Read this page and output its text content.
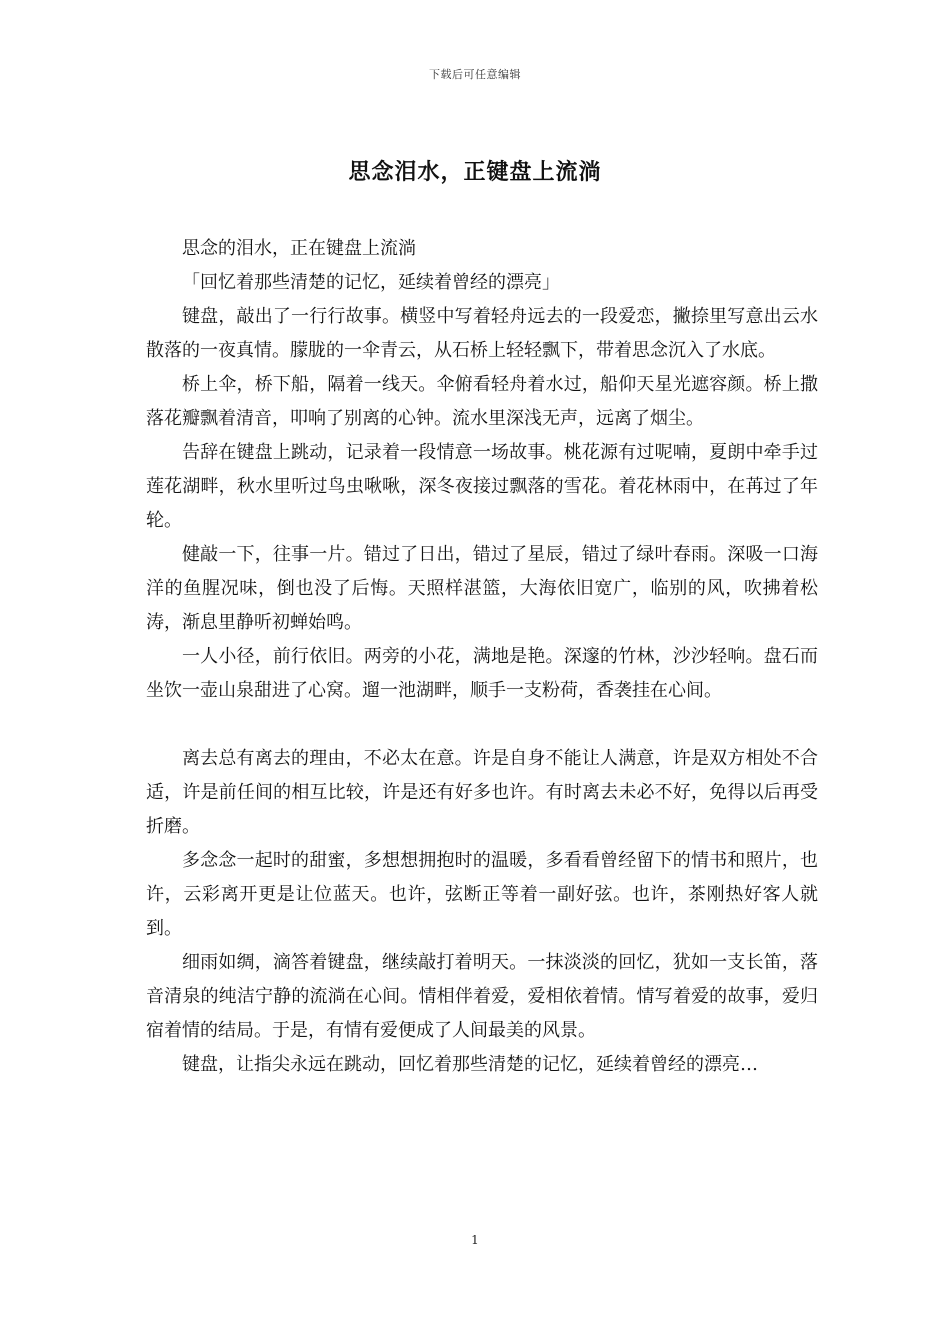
下载后可任意编辑
思念泪水，正键盘上流淌

思念的泪水，正在键盘上流淌

「回忆着那些清楚的记忆，延续着曾经的漂亮」

键盘，敲出了一行行故事。横竖中写着轻舟远去的一段爱恋，撇捺里写意出云水散落的一夜真情。朦胧的一伞青云，从石桥上轻轻飘下，带着思念沉入了水底。

桥上伞，桥下船，隔着一线天。伞俯看轻舟着水过，船仰天星光遮容颜。桥上撒落花瓣飘着清音，叩响了别离的心钟。流水里深浅无声，远离了烟尘。

告辞在键盘上跳动，记录着一段情意一场故事。桃花源有过呢喃，夏朗中牵手过莲花湖畔，秋水里听过鸟虫啾啾，深冬夜接过飘落的雪花。着花林雨中，在苒过了年轮。

健敲一下，往事一片。错过了日出，错过了星辰，错过了绿叶春雨。深吸一口海洋的鱼腥况味，倒也没了后悔。天照样湛篮，大海依旧宽广，临别的风，吹拂着松涛，渐息里静听初蝉始鸣。

一人小径，前行依旧。两旁的小花，满地是艳。深邃的竹林，沙沙轻响。盘石而坐饮一壶山泉甜进了心窝。遛一池湖畔，顺手一支粉荷，香袭挂在心间。

离去总有离去的理由，不必太在意。许是自身不能让人满意，许是双方相处不合适，许是前任间的相互比较，许是还有好多也许。有时离去未必不好，免得以后再受折磨。

多念念一起时的甜蜜，多想想拥抱时的温暖，多看看曾经留下的情书和照片，也许，云彩离开更是让位蓝天。也许，弦断正等着一副好弦。也许，茶刚热好客人就到。

细雨如绸，滴答着键盘，继续敲打着明天。一抹淡淡的回忆，犹如一支长笛，落音清泉的纯洁宁静的流淌在心间。情相伴着爱，爱相依着情。情写着爱的故事，爱归宿着情的结局。于是，有情有爱便成了人间最美的风景。

键盘，让指尖永远在跳动，回忆着那些清楚的记忆，延续着曾经的漂亮…

1
